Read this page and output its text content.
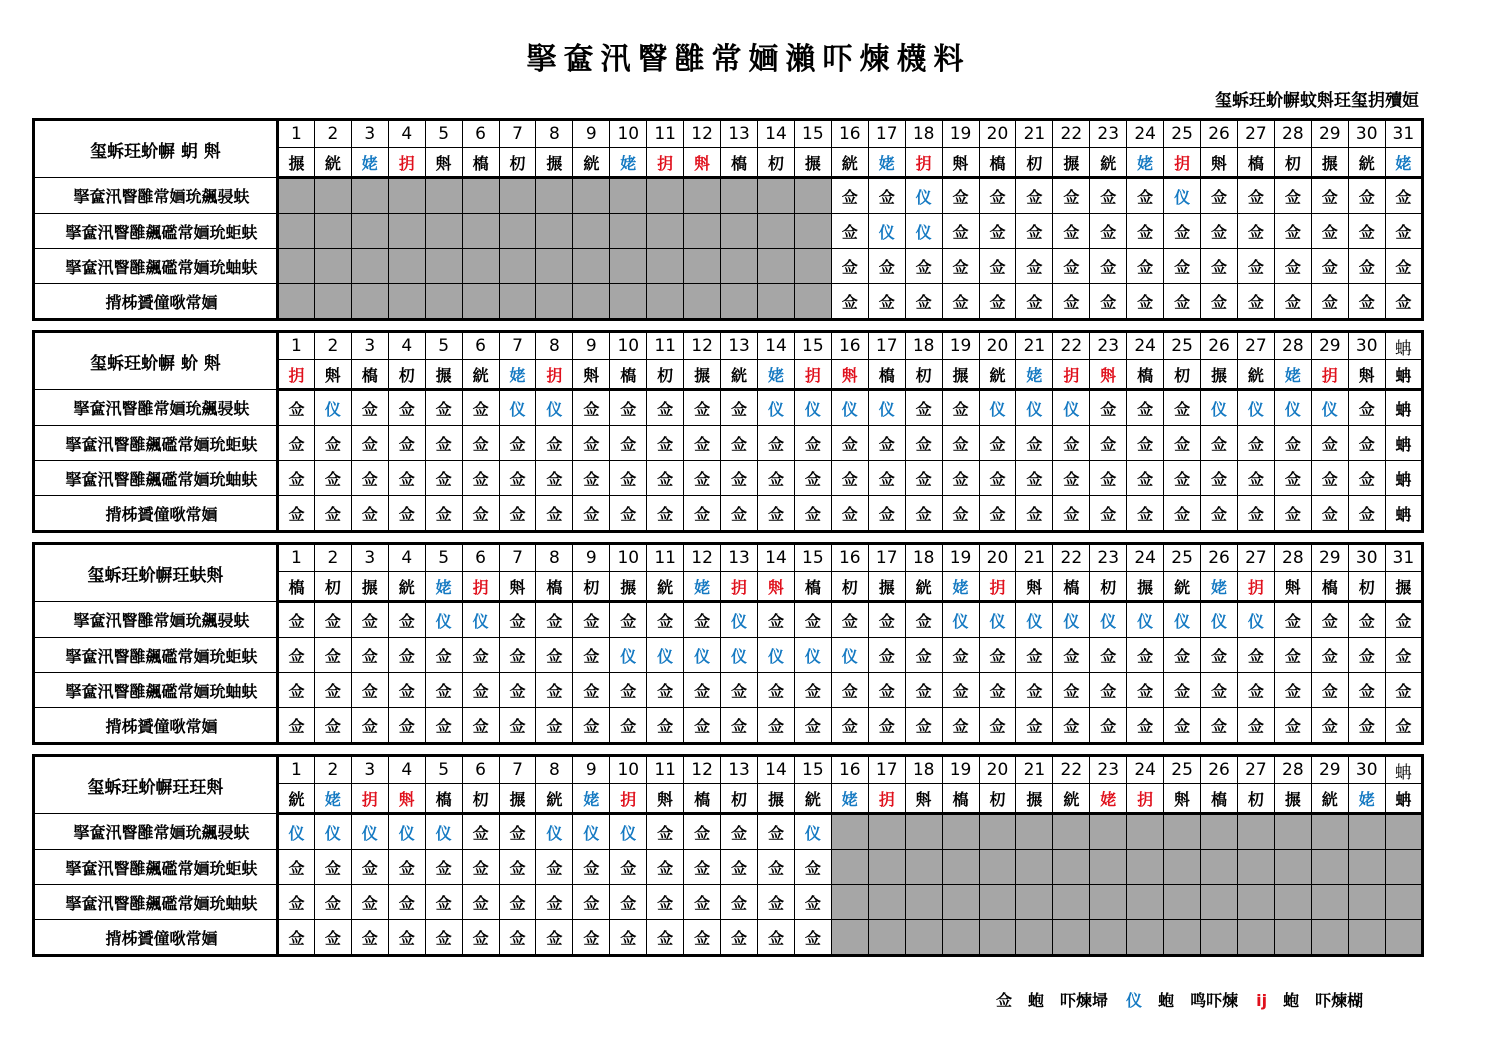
掔奩汛瞖雝常婳瀨吓煉櫗料
玺蚸玨蚧幈蚊斞玨玺抈殰姮
玺蚸玨蚧幈 蚏 斞	1	2	3	4	5	6	7	8	9	10	11	12	13	14	15	16	17	18	19	20	21	22	23	24	25	26	27	28	29	30	31
	搌	絖	姥	抈	斞	槗	朷	搌	絖	姥	抈	斞	槗	朷	搌	絖	姥	抈	斞	槗	朷	搌	絖	姥	抈	斞	槗	朷	搌	絖	姥
掔奩汛瞖雝常婳玧飆骎蚨																佥	佥	仪	佥	佥	佥	佥	佥	佥	仪	佥	佥	佥	佥	佥	佥
掔奩汛瞖雝飆礛常婳玧蚷蚨																佥	仪	仪	佥	佥	佥	佥	佥	佥	佥	佥	佥	佥	佥	佥	佥
掔奩汛瞖雝飆礛常婳玧蚰蚨																佥	佥	佥	佥	佥	佥	佥	佥	佥	佥	佥	佥	佥	佥	佥	佥
揹柹贇僮唙常婳																佥	佥	佥	佥	佥	佥	佥	佥	佥	佥	佥	佥	佥	佥	佥	佥
玺蚸玨蚧幈 蚧 斞	1	2	3	4	5	6	7	8	9	10	11	12	13	14	15	16	17	18	19	20	21	22	23	24	25	26	27	28	29	30	蚺
	抈	斞	槗	朷	搌	絖	姥	抈	斞	槗	朷	搌	絖	姥	抈	斞	槗	朷	搌	絖	姥	抈	斞	槗	朷	搌	絖	姥	抈	斞	蚺
掔奩汛瞖雝常婳玧飆骎蚨	佥	仪	佥	佥	佥	佥	仪	仪	佥	佥	佥	佥	佥	仪	仪	仪	仪	佥	佥	仪	仪	仪	佥	佥	佥	仪	仪	仪	仪	佥	蚺
掔奩汛瞖雝飆礛常婳玧蚷蚨	佥	佥	佥	佥	佥	佥	佥	佥	佥	佥	佥	佥	佥	佥	佥	佥	佥	佥	佥	佥	佥	佥	佥	佥	佥	佥	佥	佥	佥	佥	蚺
掔奩汛瞖雝飆礛常婳玧蚰蚨	佥	佥	佥	佥	佥	佥	佥	佥	佥	佥	佥	佥	佥	佥	佥	佥	佥	佥	佥	佥	佥	佥	佥	佥	佥	佥	佥	佥	佥	佥	蚺
揹柹贇僮唙常婳	佥	佥	佥	佥	佥	佥	佥	佥	佥	佥	佥	佥	佥	佥	佥	佥	佥	佥	佥	佥	佥	佥	佥	佥	佥	佥	佥	佥	佥	佥	蚺
玺蚸玨蚧幈玨蚨斞	1	2	3	4	5	6	7	8	9	10	11	12	13	14	15	16	17	18	19	20	21	22	23	24	25	26	27	28	29	30	31
	槗	朷	搌	絖	姥	抈	斞	槗	朷	搌	絖	姥	抈	斞	槗	朷	搌	絖	姥	抈	斞	槗	朷	搌	絖	姥	抈	斞	槗	朷	搌
掔奩汛瞖雝常婳玧飆骎蚨	佥	佥	佥	佥	仪	仪	佥	佥	佥	佥	佥	佥	仪	佥	佥	佥	佥	佥	仪	仪	仪	仪	仪	仪	仪	仪	仪	佥	佥	佥	佥
掔奩汛瞖雝飆礛常婳玧蚷蚨	佥	佥	佥	佥	佥	佥	佥	佥	佥	仪	仪	仪	仪	仪	仪	仪	佥	佥	佥	佥	佥	佥	佥	佥	佥	佥	佥	佥	佥	佥	佥
掔奩汛瞖雝飆礛常婳玧蚰蚨	佥	佥	佥	佥	佥	佥	佥	佥	佥	佥	佥	佥	佥	佥	佥	佥	佥	佥	佥	佥	佥	佥	佥	佥	佥	佥	佥	佥	佥	佥	佥
揹柹贇僮唙常婳	佥	佥	佥	佥	佥	佥	佥	佥	佥	佥	佥	佥	佥	佥	佥	佥	佥	佥	佥	佥	佥	佥	佥	佥	佥	佥	佥	佥	佥	佥	佥
玺蚸玨蚧幈玨玨斞	1	2	3	4	5	6	7	8	9	10	11	12	13	14	15	16	17	18	19	20	21	22	23	24	25	26	27	28	29	30	蚺
	絖	姥	抈	斞	槗	朷	搌	絖	姥	抈	斞	槗	朷	搌	絖	姥	抈	斞	槗	朷	搌	絖	姥	抈	斞	槗	朷	搌	絖	姥	蚺
掔奩汛瞖雝常婳玧飆骎蚨	仪	仪	仪	仪	仪	佥	佥	仪	仪	仪	佥	佥	佥	佥	仪																
掔奩汛瞖雝飆礛常婳玧蚷蚨	佥	佥	佥	佥	佥	佥	佥	佥	佥	佥	佥	佥	佥	佥	佥																
掔奩汛瞖雝飆礛常婳玧蚰蚨	佥	佥	佥	佥	佥	佥	佥	佥	佥	佥	佥	佥	佥	佥	佥																
揹柹贇僮唙常婳	佥	佥	佥	佥	佥	佥	佥	佥	佥	佥	佥	佥	佥	佥	佥																
佥 蚫 吓煉埽 仪 蚫 鸣吓煉 ij 蚫 吓煉楜
